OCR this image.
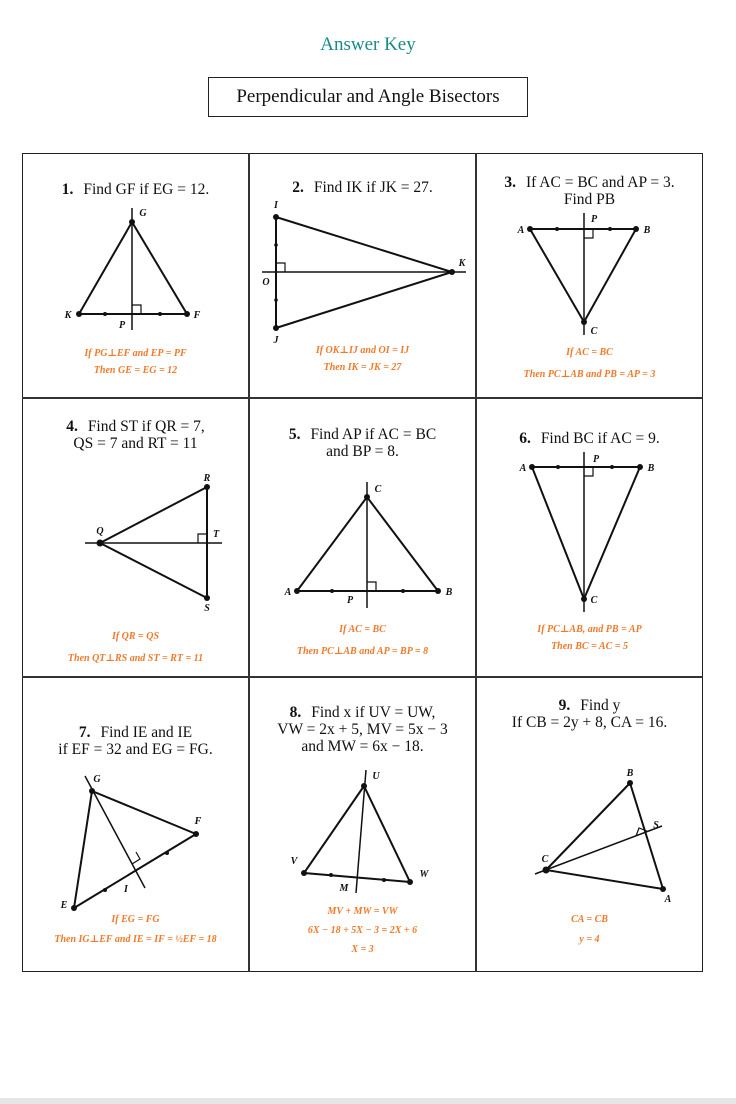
Answer Key
Perpendicular and Angle Bisectors
1. Find GF if EG = 12.	2. Find IK if JK = 27.	3. If AC = BC and AP = 3.
Find PB
4. Find ST if QR = 7,
QS = 7 and RT = 11
5. Find AP if AC = BC
and BP = 8.
6. Find BC if AC = 9.
7. Find IE and IE
if EF = 32 and EG = FG.
8. Find x if UV = UW,
VW = 2x + 5, MV = 5x − 3
and MW = 6x − 18.
9. Find y
If CB = 2y + 8, CA = 16.
If PG⊥EF and EP = PF
Then GE = EG = 12
If OK⊥IJ and OI = IJ
Then IK = JK = 27
If AC = BC
Then PC⊥AB and PB = AP = 3
If QR = QS
Then QT⊥RS and ST = RT = 11
If AC = BC
Then PC⊥AB and AP = BP = 8
If PC⊥AB, and PB = AP
Then BC = AC = 5
If EG = FG
Then IG⊥EF and IE = IF = ½EF = 18
MV + MW = VW
6X − 18 + 5X − 3 = 2X + 6
X = 3
CA = CB
y = 4
G
K	F
P
I
O
J
K
A	B
P
C
Q
R
T
S
C
A	B
P
A	B
P
C
G
F
E
I
U
V
W
M
B
C
S
A
